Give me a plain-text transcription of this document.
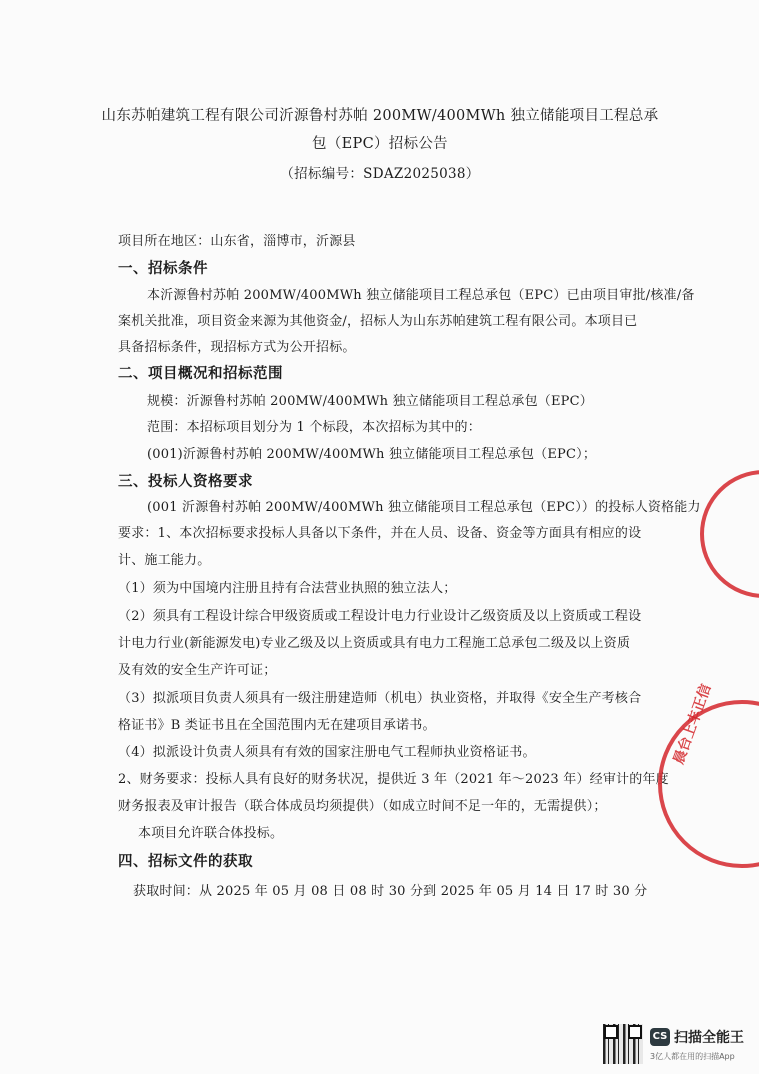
山东苏帕建筑工程有限公司沂源鲁村苏帕 200MW/400MWh 独立储能项目工程总承
包（EPC）招标公告
（招标编号：SDAZ2025038）
项目所在地区：山东省，淄博市，沂源县
一、招标条件
本沂源鲁村苏帕 200MW/400MWh 独立储能项目工程总承包（EPC）已由项目审批/核准/备
案机关批准，项目资金来源为其他资金/，招标人为山东苏帕建筑工程有限公司。本项目已
具备招标条件，现招标方式为公开招标。
二、项目概况和招标范围
规模：沂源鲁村苏帕 200MW/400MWh 独立储能项目工程总承包（EPC）
范围：本招标项目划分为 1 个标段，本次招标为其中的：
(001)沂源鲁村苏帕 200MW/400MWh 独立储能项目工程总承包（EPC）；
三、投标人资格要求
(001 沂源鲁村苏帕 200MW/400MWh 独立储能项目工程总承包（EPC））的投标人资格能力
要求：1、本次招标要求投标人具备以下条件，并在人员、设备、资金等方面具有相应的设
计、施工能力。
（1）须为中国境内注册且持有合法营业执照的独立法人；
（2）须具有工程设计综合甲级资质或工程设计电力行业设计乙级资质及以上资质或工程设
计电力行业(新能源发电)专业乙级及以上资质或具有电力工程施工总承包二级及以上资质
及有效的安全生产许可证；
（3）拟派项目负责人须具有一级注册建造师（机电）执业资格，并取得《安全生产考核合
格证书》B 类证书且在全国范围内无在建项目承诺书。
（4）拟派设计负责人须具有有效的国家注册电气工程师执业资格证书。
2、财务要求：投标人具有良好的财务状况，提供近 3 年（2021 年～2023 年）经审计的年度
财务报表及审计报告（联合体成员均须提供）（如成立时间不足一年的，无需提供）；
本项目允许联合体投标。
四、招标文件的获取
获取时间：从 2025 年 05 月 08 日 08 时 30 分到 2025 年 05 月 14 日 17 时 30 分
晨台上丰正信
CS 扫描全能王
3亿人都在用的扫描App
